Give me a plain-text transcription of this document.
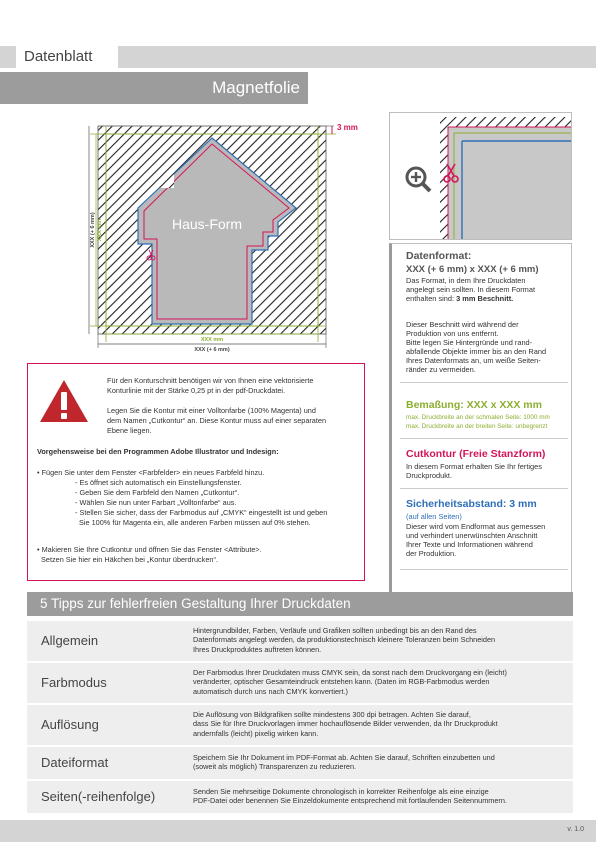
Datenblatt
Magnetfolie
Haus-Form
3 mm
XXX mm
XXX (+ 6 mm)
XXX mm
XXX (+ 6 mm)
Datenformat:
XXX (+ 6 mm) x XXX (+ 6 mm)
Das Format, in dem Ihre Druckdaten
angelegt sein sollten. In diesem Format
enthalten sind: 3 mm Beschnitt.
Dieser Beschnitt wird während der
Produktion von uns entfernt.
Bitte legen Sie Hintergründe und rand-
abfallende Objekte immer bis an den Rand
Ihres Datenformats an, um weiße Seiten-
ränder zu vermeiden.
Bemaßung: XXX x XXX mm
max. Druckbreite an der schmalen Seite: 1000 mm
max. Druckbreite an der breiten Seite: unbegrenzt
Cutkontur (Freie Stanzform)
In diesem Format erhalten Sie Ihr fertiges
Druckprodukt.
Sicherheitsabstand: 3 mm
(auf allen Seiten)
Dieser wird vom Endformat aus gemessen
und verhindert unerwünschten Anschnitt
Ihrer Texte und Informationen während
der Produktion.
Für den Konturschnitt benötigen wir von Ihnen eine vektorisierte
Konturlinie mit der Stärke 0,25 pt in der pdf-Druckdatei.
Legen Sie die Kontur mit einer Volltonfarbe (100% Magenta) und
dem Namen „Cutkontur“ an. Diese Kontur muss auf einer separaten
Ebene liegen.
Vorgehensweise bei den Programmen Adobe Illustrator und Indesign:
• Fügen Sie unter dem Fenster <Farbfelder> ein neues Farbfeld hinzu.
- Es öffnet sich automatisch ein Einstellungsfenster.
- Geben Sie dem Farbfeld den Namen „Cutkontur“.
- Wählen Sie nun unter Farbart „Volltonfarbe“ aus.
- Stellen Sie sicher, dass der Farbmodus auf „CMYK“ eingestellt ist und geben
Sie 100% für Magenta ein, alle anderen Farben müssen auf 0% stehen.
• Makieren Sie Ihre Cutkontur und öffnen Sie das Fenster <Attribute>.
Setzen Sie hier ein Häkchen bei „Kontur überdrucken“.
5 Tipps zur fehlerfreien Gestaltung Ihrer Druckdaten
Allgemein
Hintergrundbilder, Farben, Verläufe und Grafiken sollten unbedingt bis an den Rand des
Datenformats angelegt werden, da produktionstechnisch kleinere Toleranzen beim Schneiden
Ihres Druckproduktes auftreten können.
Farbmodus
Der Farbmodus Ihrer Druckdaten muss CMYK sein, da sonst nach dem Druckvorgang ein (leicht)
veränderter, optischer Gesamteindruck entstehen kann. (Daten im RGB-Farbmodus werden
automatisch durch uns nach CMYK konvertiert.)
Auflösung
Die Auflösung von Bildgrafiken sollte mindestens 300 dpi betragen. Achten Sie darauf,
dass Sie für Ihre Druckvorlagen immer hochauflösende Bilder verwenden, da Ihr Druckprodukt
andernfalls (leicht) pixelig wirken kann.
Dateiformat	Speichern Sie Ihr Dokument im PDF-Format ab. Achten Sie darauf, Schriften einzubetten und
(soweit als möglich) Transparenzen zu reduzieren.
Seiten(-reihenfolge)	Senden Sie mehrseitige Dokumente chronologisch in korrekter Reihenfolge als eine einzige
PDF-Datei oder benennen Sie Einzeldokumente entsprechend mit fortlaufenden Seitennummern.
v. 1.0
